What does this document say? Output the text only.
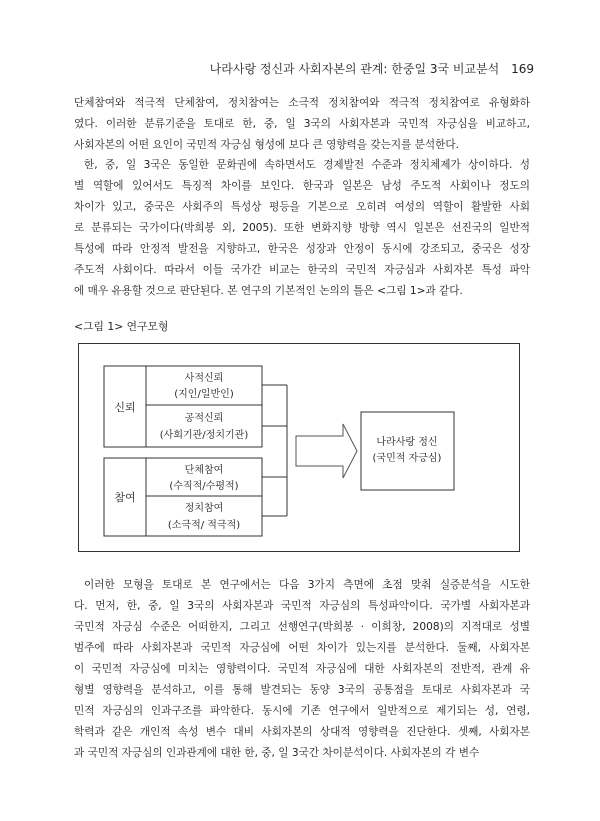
나라사랑 정신과 사회자본의 관계: 한중일 3국 비교분석 169

단체참여와 적극적 단체참여, 정치참여는 소극적 정치참여와 적극적 정치참여로 유형화하
였다. 이러한 분류기준을 토대로 한, 중, 일 3국의 사회자본과 국민적 자긍심을 비교하고,
사회자본의 어떤 요인이 국민적 자긍심 형성에 보다 큰 영향력을 갖는지를 분석한다.

한, 중, 일 3국은 동일한 문화권에 속하면서도 경제발전 수준과 정치체제가 상이하다. 성
별 역할에 있어서도 특징적 차이를 보인다. 한국과 일본은 남성 주도적 사회이나 정도의
차이가 있고, 중국은 사회주의 특성상 평등을 기본으로 오히려 여성의 역할이 활발한 사회
로 분류되는 국가이다(박희봉 외, 2005). 또한 변화지향 방향 역시 일본은 선진국의 일반적
특성에 따라 안정적 발전을 지향하고, 한국은 성장과 안정이 동시에 강조되고, 중국은 성장
주도적 사회이다. 따라서 이들 국가간 비교는 한국의 국민적 자긍심과 사회자본 특성 파악
에 매우 유용할 것으로 판단된다. 본 연구의 기본적인 논의의 틀은 <그림 1>과 같다.

<그림 1> 연구모형
신뢰
사적신뢰
(지인/일반인)
공적신뢰
(사회기관/정치기관)
참여
단체참여
(수직적/수평적)
정치참여
(소극적/ 적극적)
나라사랑 정신
(국민적 자긍심)

이러한 모형을 토대로 본 연구에서는 다음 3가지 측면에 초점 맞춰 실증분석을 시도한
다. 먼저, 한, 중, 일 3국의 사회자본과 국민적 자긍심의 특성파악이다. 국가별 사회자본과
국민적 자긍심 수준은 어떠한지, 그리고 선행연구(박희봉 · 이희창, 2008)의 지적대로 성별
범주에 따라 사회자본과 국민적 자긍심에 어떤 차이가 있는지를 분석한다. 둘째, 사회자본
이 국민적 자긍심에 미치는 영향력이다. 국민적 자긍심에 대한 사회자본의 전반적, 관계 유
형별 영향력을 분석하고, 이를 통해 발견되는 동양 3국의 공통점을 토대로 사회자본과 국
민적 자긍심의 인과구조를 파악한다. 동시에 기존 연구에서 일반적으로 제기되는 성, 연령,
학력과 같은 개인적 속성 변수 대비 사회자본의 상대적 영향력을 진단한다. 셋째, 사회자본
과 국민적 자긍심의 인과관계에 대한 한, 중, 일 3국간 차이분석이다. 사회자본의 각 변수
